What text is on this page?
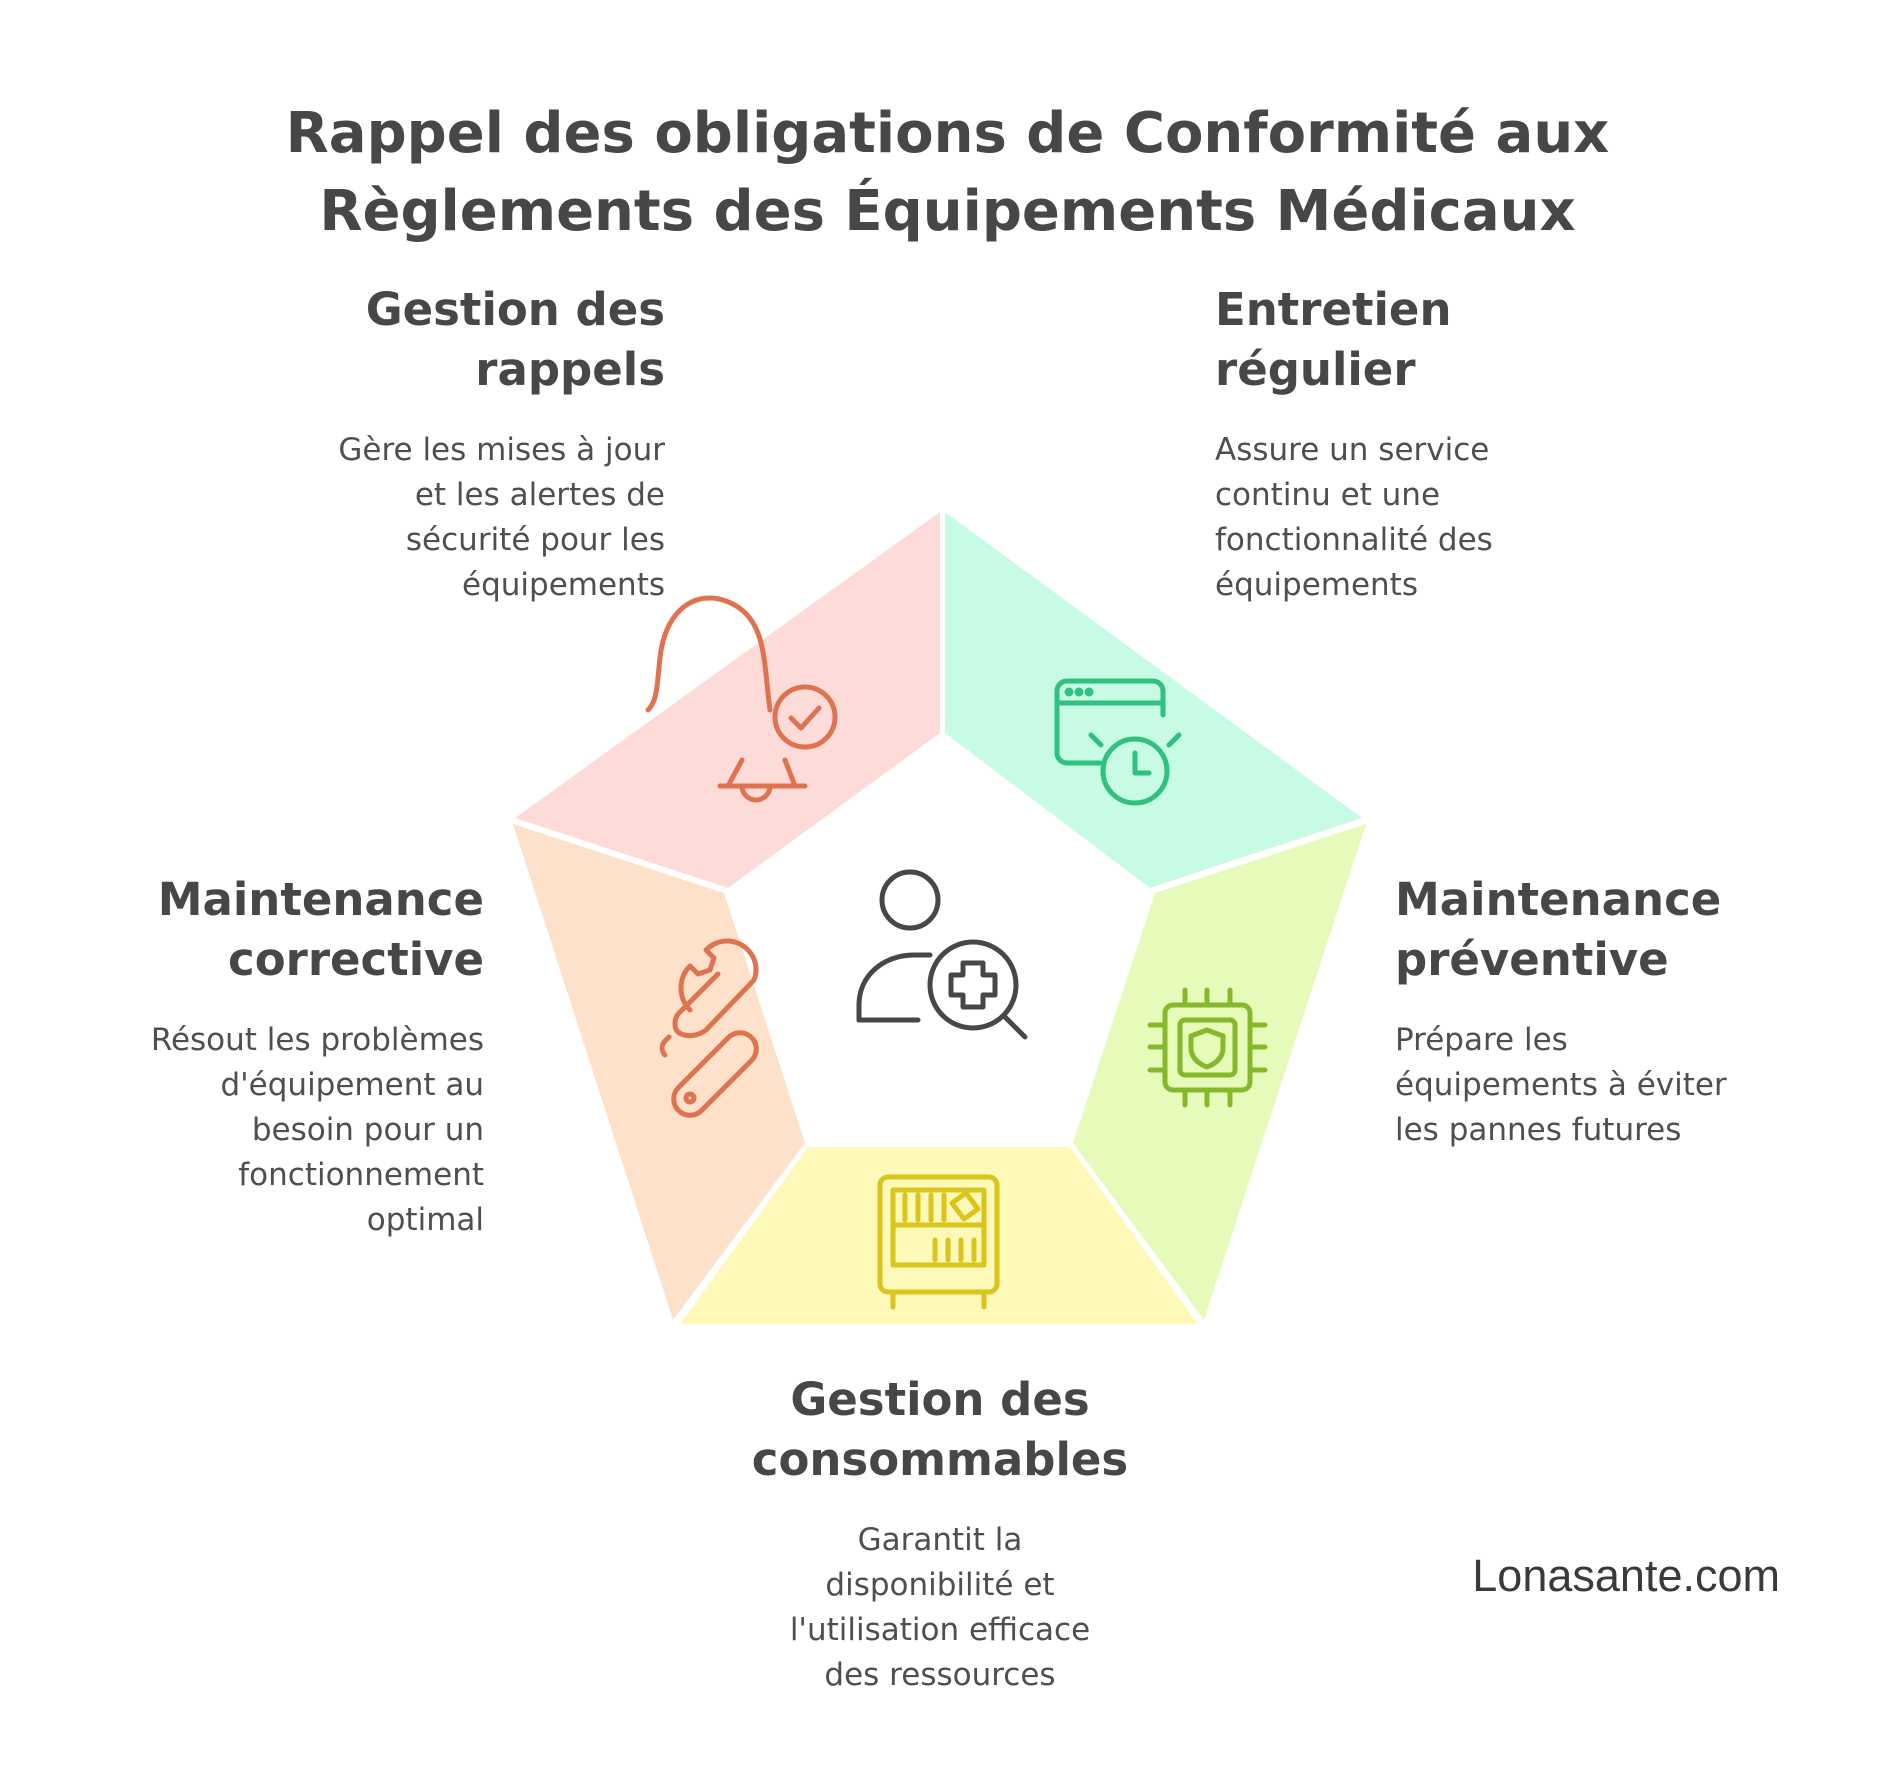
Rappel des obligations de Conformité aux
Règlements des Équipements Médicaux
Gestion des
rappels
Gère les mises à jour
et les alertes de
sécurité pour les
équipements
Entretien
régulier
Assure un service
continu et une
fonctionnalité des
équipements
Maintenance
préventive
Prépare les
équipements à éviter
les pannes futures
Gestion des
consommables
Garantit la
disponibilité et
l'utilisation efficace
des ressources
Maintenance
corrective
Résout les problèmes
d'équipement au
besoin pour un
fonctionnement
optimal
Lonasante.com
